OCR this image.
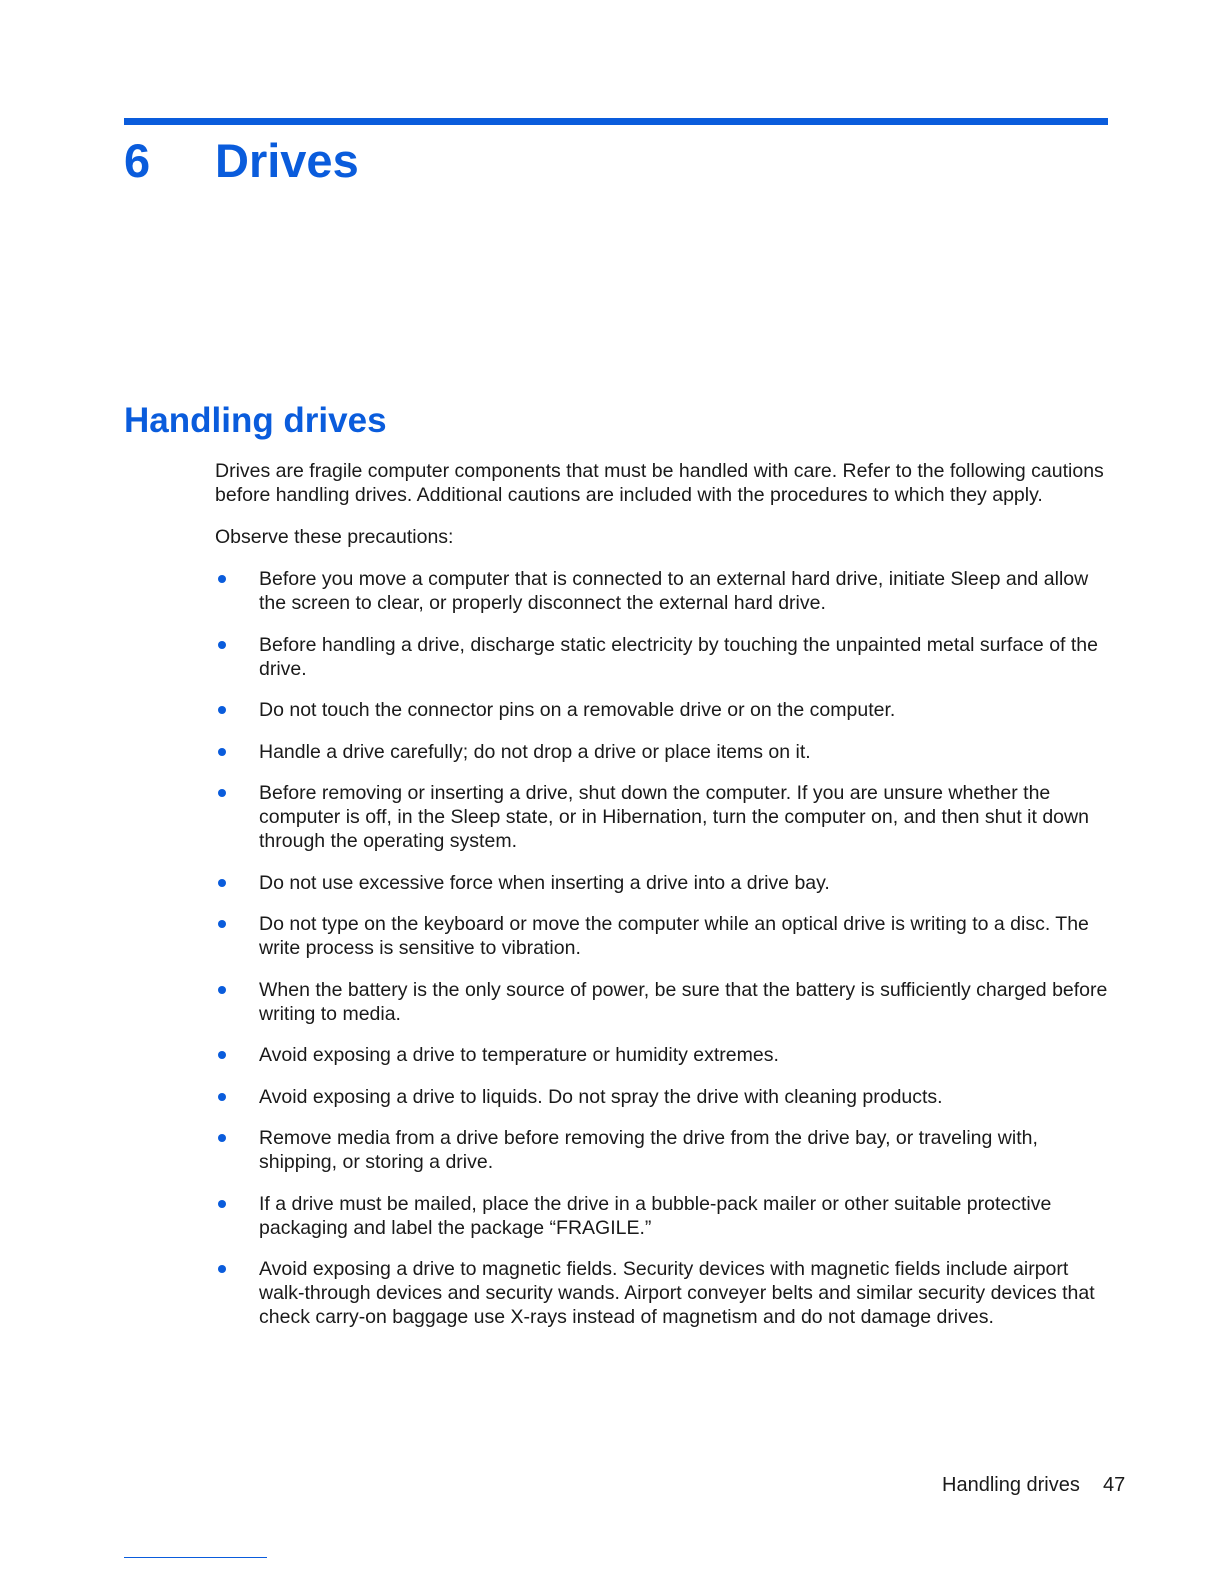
6 Drives
Handling drives

Drives are fragile computer components that must be handled with care. Refer to the following cautions before handling drives. Additional cautions are included with the procedures to which they apply.

Observe these precautions:

Before you move a computer that is connected to an external hard drive, initiate Sleep and allow the screen to clear, or properly disconnect the external hard drive.
Before handling a drive, discharge static electricity by touching the unpainted metal surface of the drive.
Do not touch the connector pins on a removable drive or on the computer.
Handle a drive carefully; do not drop a drive or place items on it.
Before removing or inserting a drive, shut down the computer. If you are unsure whether the computer is off, in the Sleep state, or in Hibernation, turn the computer on, and then shut it down through the operating system.
Do not use excessive force when inserting a drive into a drive bay.
Do not type on the keyboard or move the computer while an optical drive is writing to a disc. The write process is sensitive to vibration.
When the battery is the only source of power, be sure that the battery is sufficiently charged before writing to media.
Avoid exposing a drive to temperature or humidity extremes.
Avoid exposing a drive to liquids. Do not spray the drive with cleaning products.
Remove media from a drive before removing the drive from the drive bay, or traveling with, shipping, or storing a drive.
If a drive must be mailed, place the drive in a bubble-pack mailer or other suitable protective packaging and label the package “FRAGILE.”
Avoid exposing a drive to magnetic fields. Security devices with magnetic fields include airport walk-through devices and security wands. Airport conveyer belts and similar security devices that check carry-on baggage use X-rays instead of magnetism and do not damage drives.
Handling drives 47
